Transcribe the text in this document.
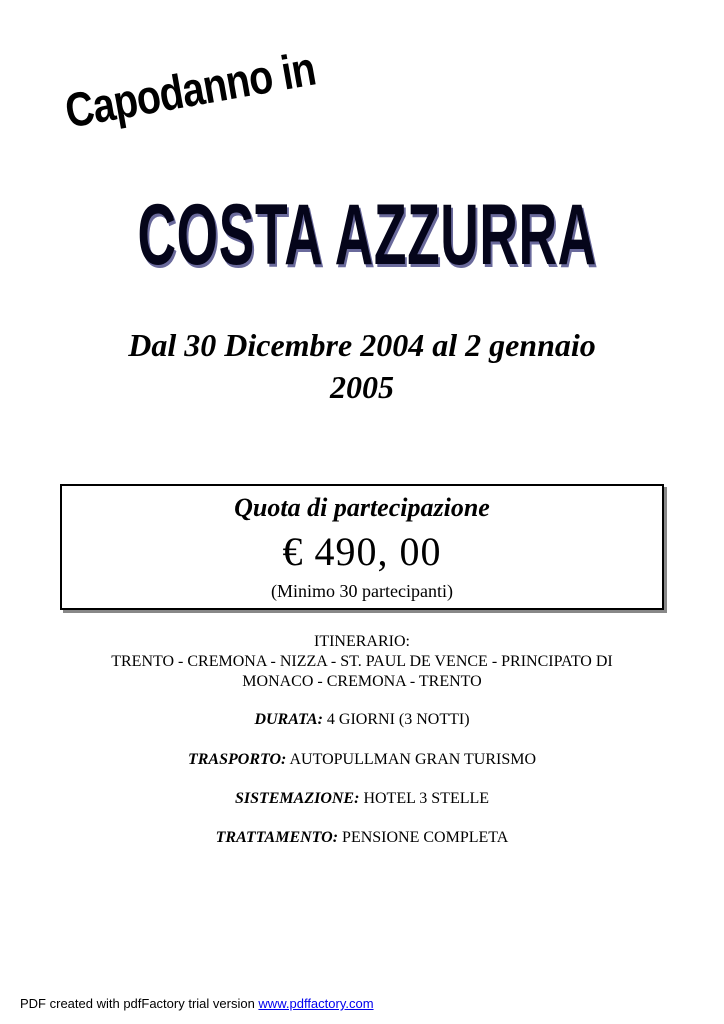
Capodanno in
COSTA AZZURRA
Dal 30 Dicembre 2004 al 2 gennaio
2005
Quota di partecipazione
€ 490, 00
(Minimo 30 partecipanti)
ITINERARIO:
TRENTO - CREMONA - NIZZA - ST. PAUL DE VENCE - PRINCIPATO DI
MONACO - CREMONA - TRENTO
DURATA: 4 GIORNI (3 NOTTI)
TRASPORTO: AUTOPULLMAN GRAN TURISMO
SISTEMAZIONE: HOTEL 3 STELLE
TRATTAMENTO: PENSIONE COMPLETA
PDF created with pdfFactory trial version www.pdffactory.com
